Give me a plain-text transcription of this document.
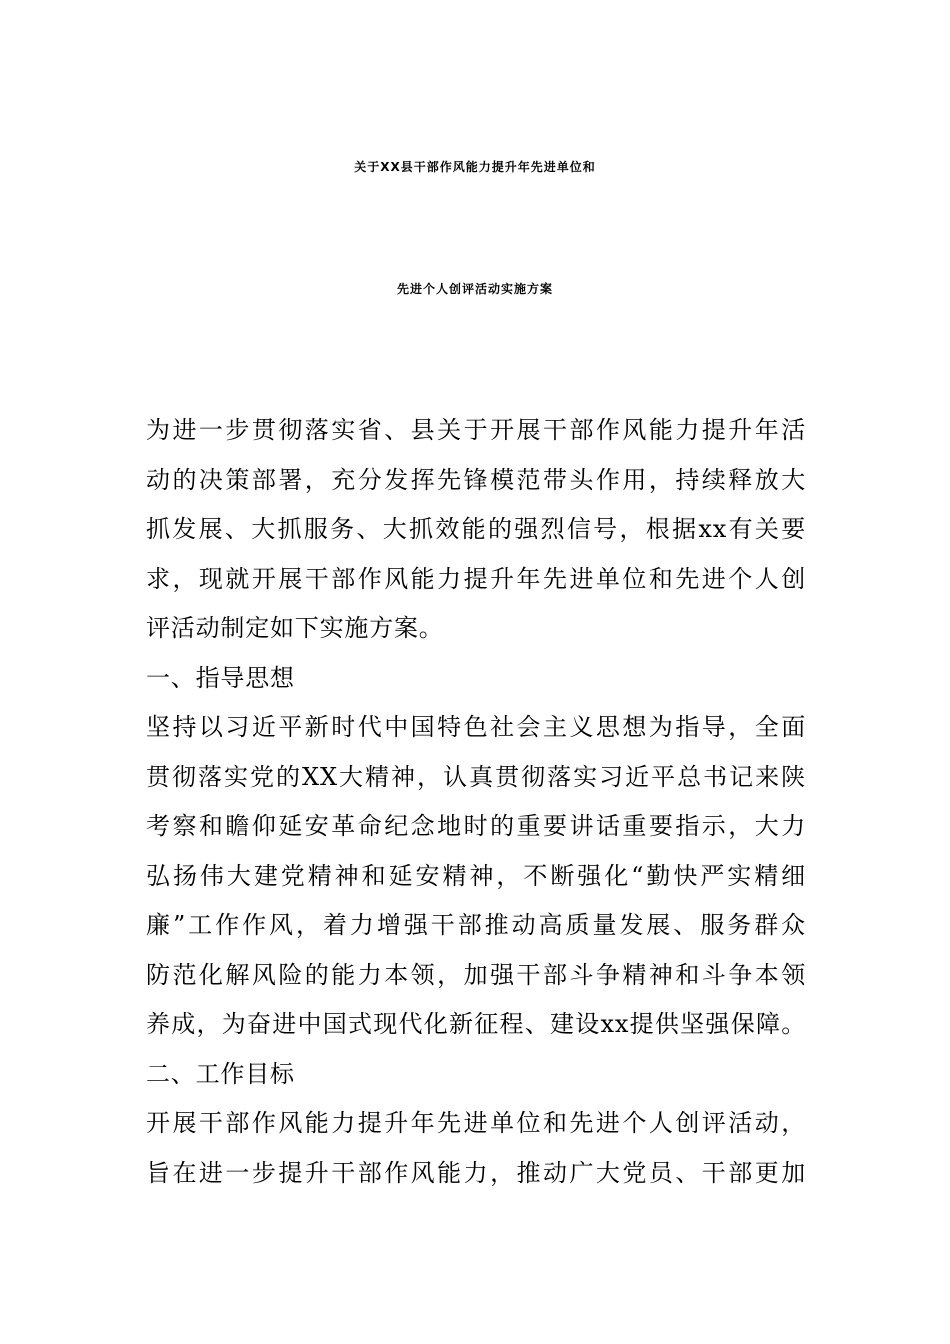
关于XX县干部作风能力提升年先进单位和
先进个人创评活动实施方案
为进一步贯彻落实省、县关于开展干部作风能力提升年活
动的决策部署，充分发挥先锋模范带头作用，持续释放大
抓发展、大抓服务、大抓效能的强烈信号，根据xx有关要
求，现就开展干部作风能力提升年先进单位和先进个人创
评活动制定如下实施方案。
一、指导思想
坚持以习近平新时代中国特色社会主义思想为指导，全面
贯彻落实党的XX大精神，认真贯彻落实习近平总书记来陕
考察和瞻仰延安革命纪念地时的重要讲话重要指示，大力
弘扬伟大建党精神和延安精神，不断强化“勤快严实精细
廉”工作作风，着力增强干部推动高质量发展、服务群众
防范化解风险的能力本领，加强干部斗争精神和斗争本领
养成，为奋进中国式现代化新征程、建设xx提供坚强保障。
二、工作目标
开展干部作风能力提升年先进单位和先进个人创评活动，
旨在进一步提升干部作风能力，推动广大党员、干部更加
